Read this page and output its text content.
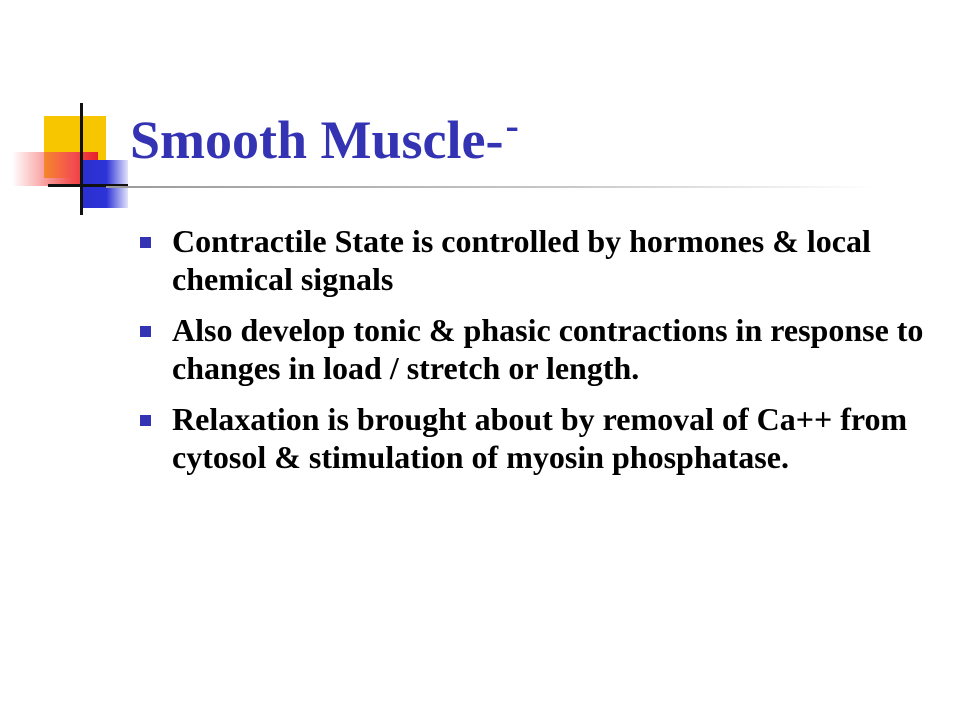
Smooth Muscle--
Contractile State is controlled by hormones & local chemical signals
Also develop tonic & phasic contractions in response to changes in load / stretch or length.
Relaxation is brought about by removal of Ca++ from cytosol & stimulation of myosin phosphatase.
